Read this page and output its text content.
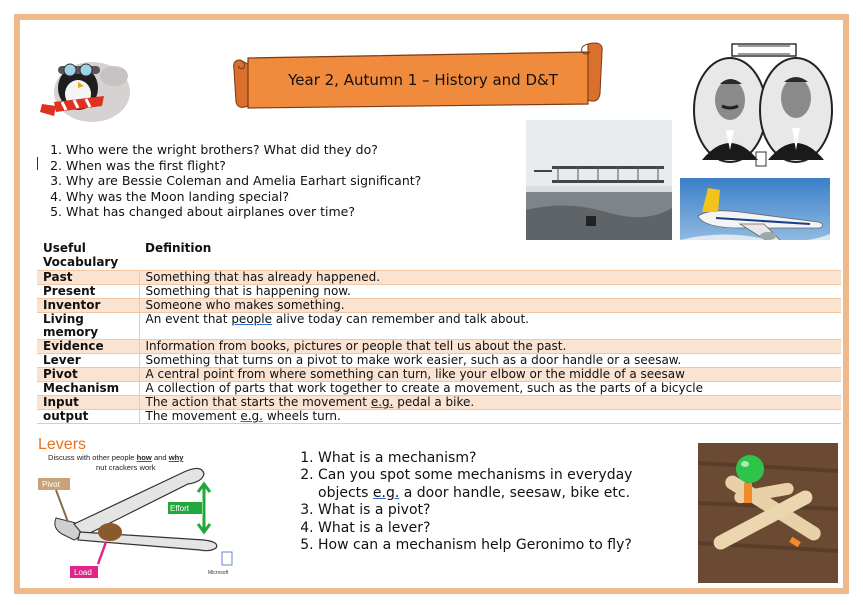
Year 2, Autumn 1 – History and D&T
1. Who were the wright brothers? What did they do?
2. When was the first flight?
3. Why are Bessie Coleman and Amelia Earhart significant?
4. Why was the Moon landing special?
5. What has changed about airplanes over time?
Useful Vocabulary	Definition
Past	Something that has already happened.
Present	Something that is happening now.
Inventor	Someone who makes something.
Living memory	An event that people alive today can remember and talk about.

Evidence	Information from books, pictures or people that tell us about the past.
Lever	Something that turns on a pivot to make work easier, such as a door handle or a seesaw.
Pivot	A central point from where something can turn, like your elbow or the middle of a seesaw
Mechanism	A collection of parts that work together to create a movement, such as the parts of a bicycle
Input	The action that starts the movement e.g. pedal a bike.
output	The movement e.g. wheels turn.
Levers
Discuss with other people how and why
nut crackers work
Pivot
Effort
Load	Microsoft
1. What is a mechanism?
2. Can you spot some mechanisms in everyday objects e.g. a door handle, seesaw, bike etc.
3. What is a pivot?
4. What is a lever?
5. How can a mechanism help Geronimo to fly?
